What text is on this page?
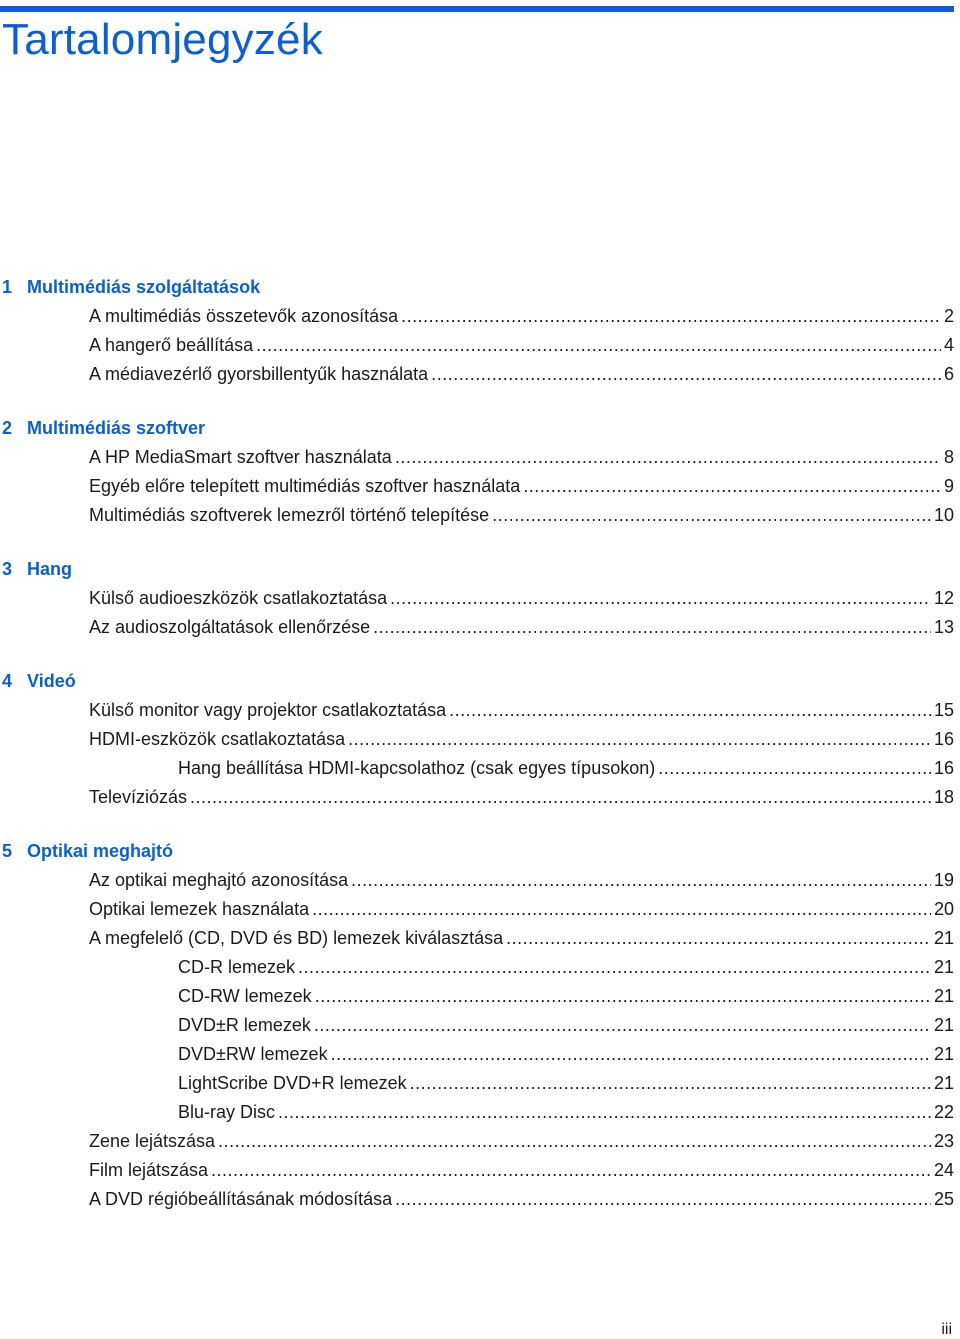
Tartalomjegyzék
1 Multimédiás szolgáltatások
A multimédiás összetevők azonosítása .....	2
A hangerő beállítása .....	4
A médiavezérlő gyorsbillentyűk használata .....	6
2 Multimédiás szoftver
A HP MediaSmart szoftver használata .....	8
Egyéb előre telepített multimédiás szoftver használata .....	9
Multimédiás szoftverek lemezről történő telepítése .....	10
3 Hang
Külső audioeszközök csatlakoztatása .....	12
Az audioszolgáltatások ellenőrzése .....	13
4 Videó
Külső monitor vagy projektor csatlakoztatása .....	15
HDMI-eszközök csatlakoztatása .....	16
Hang beállítása HDMI-kapcsolathoz (csak egyes típusokon) .....	16
Televíziózás .....	18
5 Optikai meghajtó
Az optikai meghajtó azonosítása .....	19
Optikai lemezek használata .....	20
A megfelelő (CD, DVD és BD) lemezek kiválasztása .....	21
CD-R lemezek .....	21
CD-RW lemezek .....	21
DVD±R lemezek .....	21
DVD±RW lemezek .....	21
LightScribe DVD+R lemezek .....	21
Blu-ray Disc .....	22
Zene lejátszása .....	23
Film lejátszása .....	24
A DVD régióbeállításának módosítása .....	25
iii
